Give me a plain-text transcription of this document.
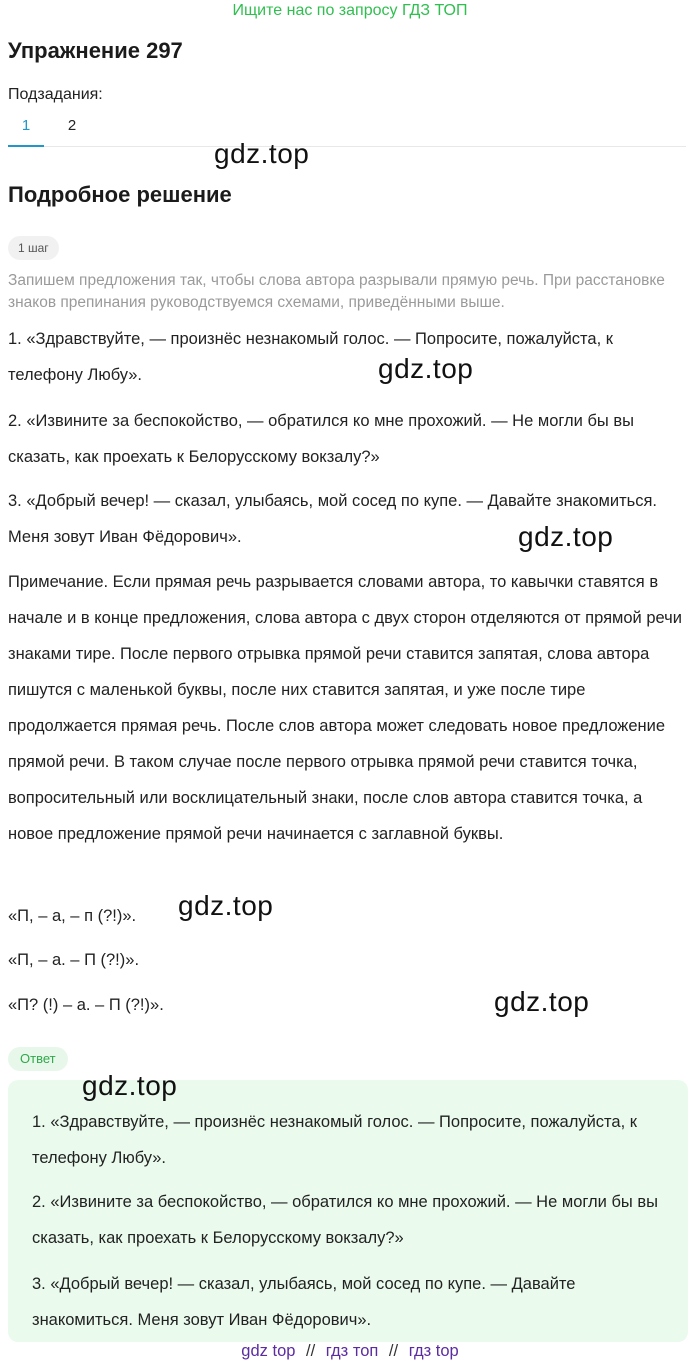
Ищите нас по запросу ГДЗ ТОП
Упражнение 297
Подзадания:
1	2
gdz.top
Подробное решение
1 шаг
Запишем предложения так, чтобы слова автора разрывали прямую речь. При расстановке знаков препинания руководствуемся схемами, приведёнными выше.
1. «Здравствуйте, — произнёс незнакомый голос. — Попросите, пожалуйста, к телефону Любу».	gdz.top
2. «Извините за беспокойство, — обратился ко мне прохожий. — Не могли бы вы сказать, как проехать к Белорусскому вокзалу?»
3. «Добрый вечер! — сказал, улыбаясь, мой сосед по купе. — Давайте знакомиться. Меня зовут Иван Фёдорович».	gdz.top
Примечание. Если прямая речь разрывается словами автора, то кавычки ставятся в начале и в конце предложения, слова автора с двух сторон отделяются от прямой речи знаками тире. После первого отрывка прямой речи ставится запятая, слова автора пишутся с маленькой буквы, после них ставится запятая, и уже после тире продолжается прямая речь. После слов автора может следовать новое предложение прямой речи. В таком случае после первого отрывка прямой речи ставится точка, вопросительный или восклицательный знаки, после слов автора ставится точка, а новое предложение прямой речи начинается с заглавной буквы.
«П, – а, – п (?!)».	gdz.top
«П, – а. – П (?!)».
«П? (!) – а. – П (?!)».	gdz.top
Ответ
1. «Здравствуйте, — произнёс незнакомый голос. — Попросите, пожалуйста, к телефону Любу».
2. «Извините за беспокойство, — обратился ко мне прохожий. — Не могли бы вы сказать, как проехать к Белорусскому вокзалу?»
3. «Добрый вечер! — сказал, улыбаясь, мой сосед по купе. — Давайте знакомиться. Меня зовут Иван Фёдорович».
gdz.top
gdz top // гдз топ // гдз top
